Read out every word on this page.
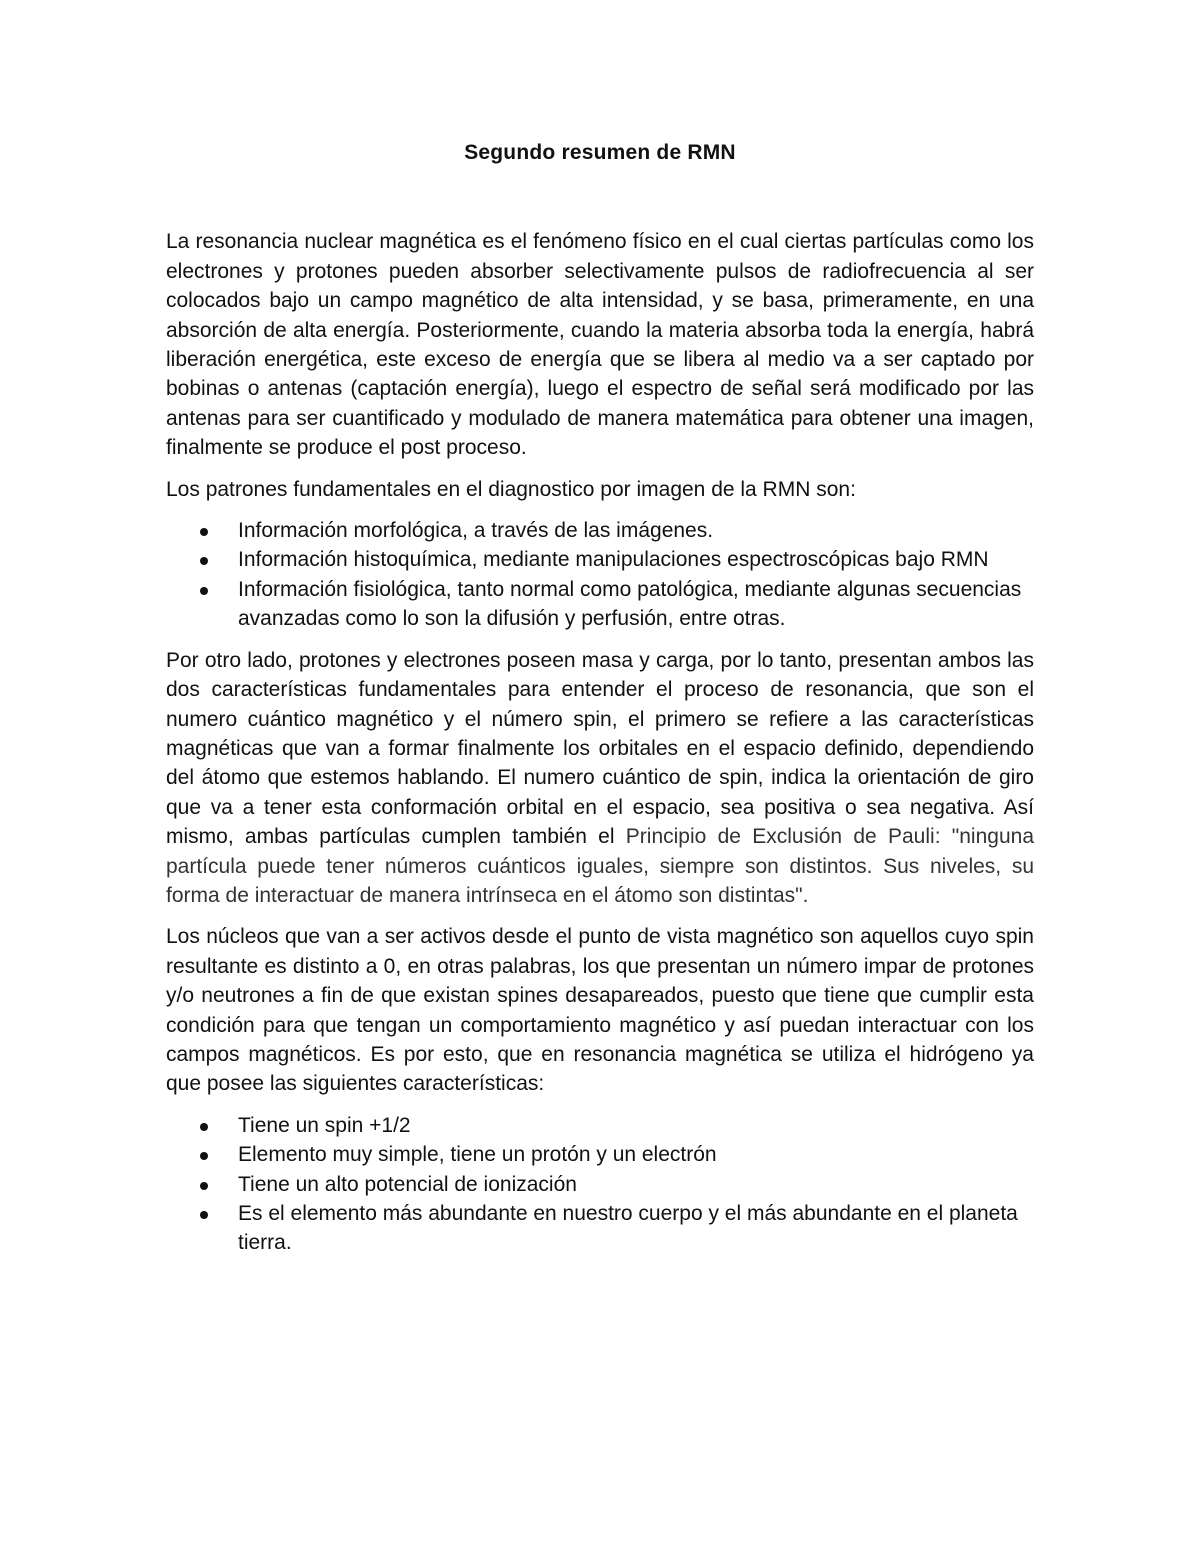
Segundo resumen de RMN

La resonancia nuclear magnética es el fenómeno físico en el cual ciertas partículas como los electrones y protones pueden absorber selectivamente pulsos de radiofrecuencia al ser colocados bajo un campo magnético de alta intensidad, y se basa, primeramente, en una absorción de alta energía. Posteriormente, cuando la materia absorba toda la energía, habrá liberación energética, este exceso de energía que se libera al medio va a ser captado por bobinas o antenas (captación energía), luego el espectro de señal será modificado por las antenas para ser cuantificado y modulado de manera matemática para obtener una imagen, finalmente se produce el post proceso.

Los patrones fundamentales en el diagnostico por imagen de la RMN son:

Información morfológica, a través de las imágenes.
Información histoquímica, mediante manipulaciones espectroscópicas bajo RMN
Información fisiológica, tanto normal como patológica, mediante algunas secuencias avanzadas como lo son la difusión y perfusión, entre otras.

Por otro lado, protones y electrones poseen masa y carga, por lo tanto, presentan ambos las dos características fundamentales para entender el proceso de resonancia, que son el numero cuántico magnético y el número spin, el primero se refiere a las características magnéticas que van a formar finalmente los orbitales en el espacio definido, dependiendo del átomo que estemos hablando. El numero cuántico de spin, indica la orientación de giro que va a tener esta conformación orbital en el espacio, sea positiva o sea negativa. Así mismo, ambas partículas cumplen también el Principio de Exclusión de Pauli: "ninguna partícula puede tener números cuánticos iguales, siempre son distintos. Sus niveles, su forma de interactuar de manera intrínseca en el átomo son distintas".

Los núcleos que van a ser activos desde el punto de vista magnético son aquellos cuyo spin resultante es distinto a 0, en otras palabras, los que presentan un número impar de protones y/o neutrones a fin de que existan spines desapareados, puesto que tiene que cumplir esta condición para que tengan un comportamiento magnético y así puedan interactuar con los campos magnéticos. Es por esto, que en resonancia magnética se utiliza el hidrógeno ya que posee las siguientes características:

Tiene un spin +1/2
Elemento muy simple, tiene un protón y un electrón
Tiene un alto potencial de ionización
Es el elemento más abundante en nuestro cuerpo y el más abundante en el planeta tierra.
